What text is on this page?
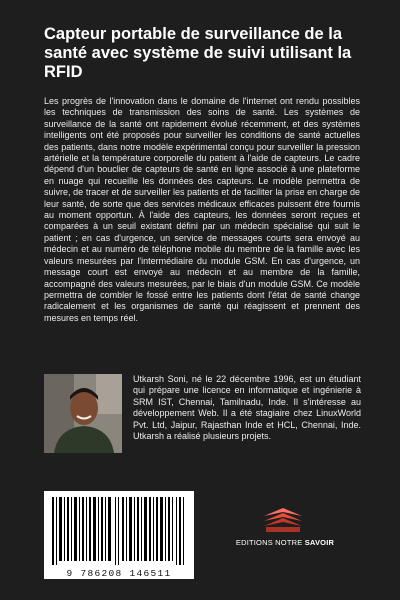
Capteur portable de surveillance de la santé avec système de suivi utilisant la RFID

Les progrès de l'innovation dans le domaine de l'internet ont rendu possibles les techniques de transmission des soins de santé. Les systèmes de surveillance de la santé ont rapidement évolué récemment, et des systèmes intelligents ont été proposés pour surveiller les conditions de santé actuelles des patients, dans notre modèle expérimental conçu pour surveiller la pression artérielle et la température corporelle du patient à l'aide de capteurs. Le cadre dépend d'un bouclier de capteurs de santé en ligne associé à une plateforme en nuage qui recueille les données des capteurs. Le modèle permettra de suivre, de tracer et de surveiller les patients et de faciliter la prise en charge de leur santé, de sorte que des services médicaux efficaces puissent être fournis au moment opportun. À l'aide des capteurs, les données seront reçues et comparées à un seuil existant défini par un médecin spécialisé qui suit le patient ; en cas d'urgence, un service de messages courts sera envoyé au médecin et au numéro de téléphone mobile du membre de la famille avec les valeurs mesurées par l'intermédiaire du module GSM. En cas d'urgence, un message court est envoyé au médecin et au membre de la famille, accompagné des valeurs mesurées, par le biais d'un module GSM. Ce modèle permettra de combler le fossé entre les patients dont l'état de santé change radicalement et les organismes de santé qui réagissent et prennent des mesures en temps réel.

Utkarsh Soni, né le 22 décembre 1996, est un étudiant qui prépare une licence en informatique et ingénierie à SRM IST, Chennai, Tamilnadu, Inde. Il s'intéresse au développement Web. Il a été stagiaire chez LinuxWorld Pvt. Ltd, Jaipur, Rajasthan Inde et HCL, Chennai, Inde. Utkarsh a réalisé plusieurs projets.

9 786208 146511
EDITIONS NOTRE SAVOIR
